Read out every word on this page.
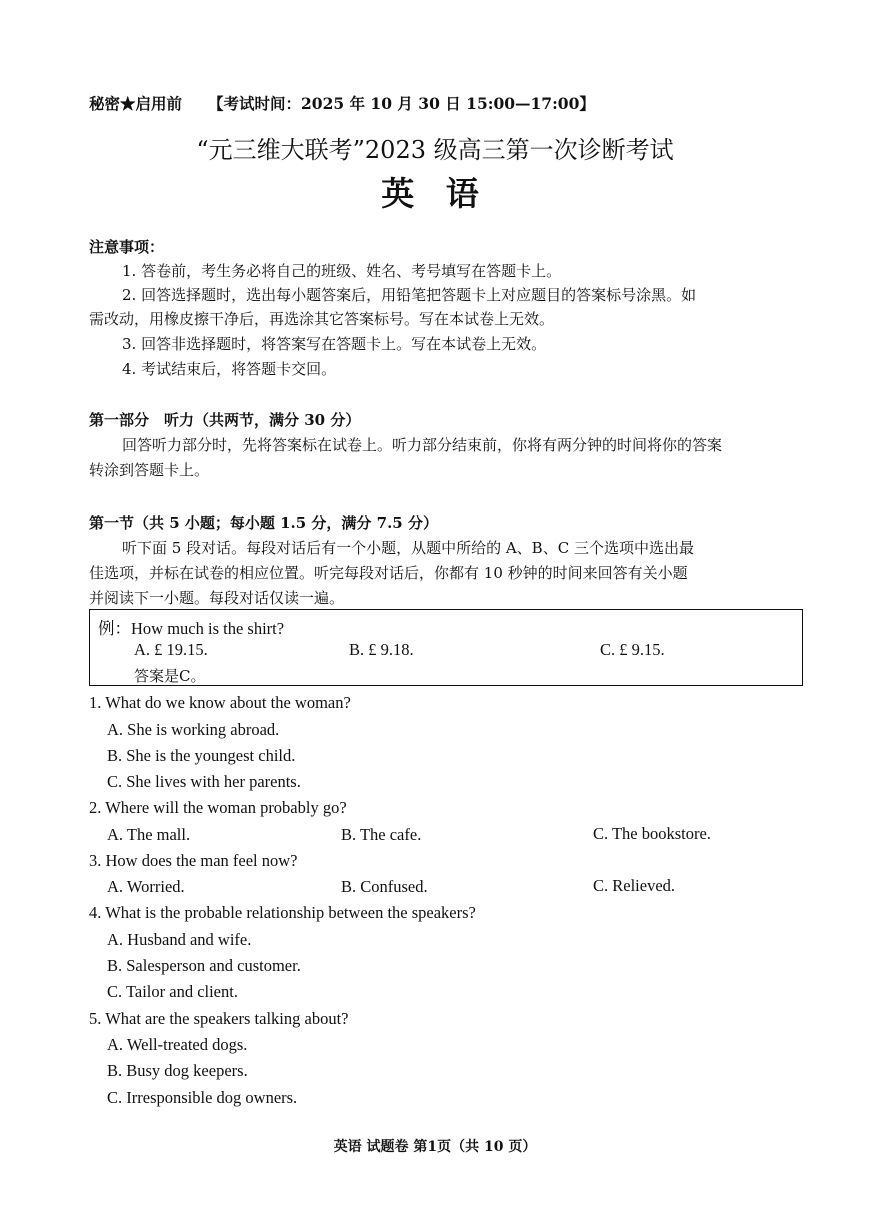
秘密★启用前 【考试时间：2025 年 10 月 30 日 15:00—17:00】
“元三维大联考”2023 级高三第一次诊断考试
英 语
注意事项：
1. 答卷前，考生务必将自己的班级、姓名、考号填写在答题卡上。
2. 回答选择题时，选出每小题答案后，用铅笔把答题卡上对应题目的答案标号涂黑。如
需改动，用橡皮擦干净后，再选涂其它答案标号。写在本试卷上无效。
3. 回答非选择题时，将答案写在答题卡上。写在本试卷上无效。
4. 考试结束后，将答题卡交回。
第一部分　听力（共两节，满分 30 分）
回答听力部分时，先将答案标在试卷上。听力部分结束前，你将有两分钟的时间将你的答案
转涂到答题卡上。
第一节（共 5 小题；每小题 1.5 分，满分 7.5 分）
听下面 5 段对话。每段对话后有一个小题，从题中所给的 A、B、C 三个选项中选出最
佳选项，并标在试卷的相应位置。听完每段对话后，你都有 10 秒钟的时间来回答有关小题
并阅读下一小题。每段对话仅读一遍。
例：How much is the shirt?
A. £ 19.15.	B. £ 9.18.	C. £ 9.15.
答案是C。
1. What do we know about the woman?
A. She is working abroad.
B. She is the youngest child.
C. She lives with her parents.
2. Where will the woman probably go?
A. The mall.	B. The cafe.	C. The bookstore.
3. How does the man feel now?
A. Worried.	B. Confused.	C. Relieved.
4. What is the probable relationship between the speakers?
A. Husband and wife.
B. Salesperson and customer.
C. Tailor and client.
5. What are the speakers talking about?
A. Well-treated dogs.
B. Busy dog keepers.
C. Irresponsible dog owners.
英语 试题卷 第1页（共 10 页）
